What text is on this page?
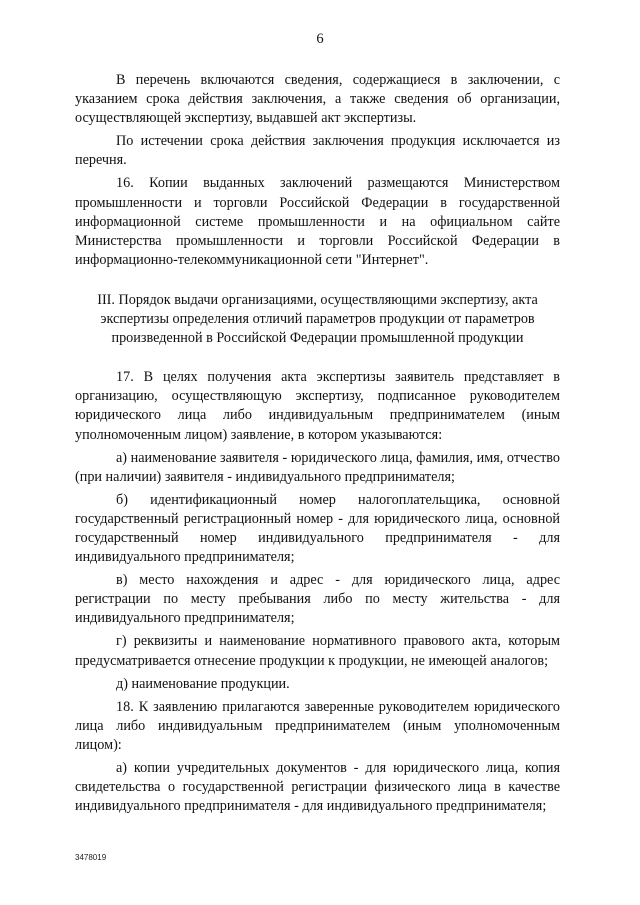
6

В перечень включаются сведения, содержащиеся в заключении, с указанием срока действия заключения, а также сведения об организации, осуществляющей экспертизу, выдавшей акт экспертизы.

По истечении срока действия заключения продукция исключается из перечня.

16. Копии выданных заключений размещаются Министерством промышленности и торговли Российской Федерации в государственной информационной системе промышленности и на официальном сайте Министерства промышленности и торговли Российской Федерации в информационно-телекоммуникационной сети "Интернет".

III. Порядок выдачи организациями, осуществляющими экспертизу, акта
экспертизы определения отличий параметров продукции от параметров
произведенной в Российской Федерации промышленной продукции

17. В целях получения акта экспертизы заявитель представляет в организацию, осуществляющую экспертизу, подписанное руководителем юридического лица либо индивидуальным предпринимателем (иным уполномоченным лицом) заявление, в котором указываются:

а) наименование заявителя - юридического лица, фамилия, имя, отчество (при наличии) заявителя - индивидуального предпринимателя;

б) идентификационный номер налогоплательщика, основной государственный регистрационный номер - для юридического лица, основной государственный номер индивидуального предпринимателя - для индивидуального предпринимателя;

в) место нахождения и адрес - для юридического лица, адрес регистрации по месту пребывания либо по месту жительства - для индивидуального предпринимателя;

г) реквизиты и наименование нормативного правового акта, которым предусматривается отнесение продукции к продукции, не имеющей аналогов;

д) наименование продукции.

18. К заявлению прилагаются заверенные руководителем юридического лица либо индивидуальным предпринимателем (иным уполномоченным лицом):

а) копии учредительных документов - для юридического лица, копия свидетельства о государственной регистрации физического лица в качестве индивидуального предпринимателя - для индивидуального предпринимателя;

3478019
